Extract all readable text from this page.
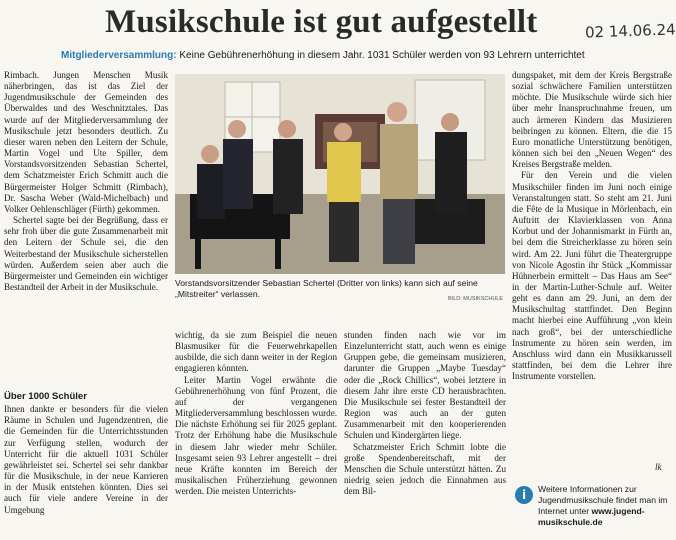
Musikschule ist gut aufgestellt	02 14.06.24
Mitgliederversammlung: Keine Gebührenerhöhung in diesem Jahr. 1031 Schüler werden von 93 Lehrern unterrichtet

Rimbach. Jungen Menschen Musik näherbringen, das ist das Ziel der Jugendmusikschule der Gemeinden des Überwaldes und des Weschnitztales. Das wurde auf der Mitgliederversammlung der Musikschule jetzt besonders deutlich. Zu dieser waren neben den Leitern der Schule, Martin Vogel und Ute Spiller, dem Vorstandsvorsitzenden Sebastian Schertel, dem Schatzmeister Erich Schmitt auch die Bürgermeister Holger Schmitt (Rimbach), Dr. Sascha Weber (Wald-Michelbach) und Volker Oehlenschläger (Fürth) gekommen.

Schertel sagte bei der Begrüßung, dass er sehr froh über die gute Zusammenarbeit mit den Leitern der Schule sei, die den Weiterbestand der Musikschule sicherstellen würden. Außerdem seien aber auch die Bürgermeister und Gemeinden ein wichtiger Bestandteil der Arbeit in der Musikschule.

Über 1000 Schüler

Ihnen dankte er besonders für die vielen Räume in Schulen und Jugendzentren, die die Gemeinden für die Unterrichtsstunden zur Verfügung stellen, wodurch der Unterricht für die aktuell 1031 Schüler gewährleistet sei. Schertel sei sehr dankbar für die Musikschule, in der neue Karrieren in der Musik entstehen könnten. Dies sei auch für viele andere Vereine in der Umgebung

Vorstandsvorsitzender Sebastian Schertel (Dritter von links) kann sich auf seine „Mitstreiter“ verlassen.	BILD: MUSIKSCHULE

wichtig, da sie zum Beispiel die neuen Blasmusiker für die Feuerwehrkapellen ausbilde, die sich dann weiter in der Region engagieren könnten.

Leiter Martin Vogel erwähnte die Gebührenerhöhung von fünf Prozent, die auf der vergangenen Mitgliederversammlung beschlossen wurde. Die nächste Erhöhung sei für 2025 geplant. Trotz der Erhöhung habe die Musikschule in diesem Jahr wieder mehr Schüler. Insgesamt seien 93 Lehrer angestellt – drei neue Kräfte konnten im Bereich der musikalischen Früherziehung gewonnen werden. Die meisten Unterrichts-

stunden finden nach wie vor im Einzelunterricht statt, auch wenn es einige Gruppen gebe, die gemeinsam musizieren, darunter die Gruppen „Maybe Tuesday“ oder die „Rock Chillics“, wobei letztere in diesem Jahr ihre erste CD herausbrachten. Die Musikschule sei fester Bestandteil der Region was auch an der guten Zusammenarbeit mit den kooperierenden Schulen und Kindergärten liege.

Schatzmeister Erich Schmitt lobte die große Spendenbereitschaft, mit der Menschen die Schule unterstützt hätten. Zu niedrig seien jedoch die Einnahmen aus dem Bil-

dungspaket, mit dem der Kreis Bergstraße sozial schwächere Familien unterstützen möchte. Die Musikschule würde sich hier über mehr Inanspruchnahme freuen, um auch ärmeren Kindern das Musizieren beibringen zu können. Eltern, die die 15 Euro monatliche Unterstützung benötigen, können sich bei den „Neuen Wegen“ des Kreises Bergstraße melden.

Für den Verein und die vielen Musikschüler finden im Juni noch einige Veranstaltungen statt. So steht am 21. Juni die Fête de la Musique in Mörlenbach, ein Auftritt der Klavierklassen von Anna Korbut und der Johannismarkt in Fürth an, bei dem die Streicherklasse zu hören sein wird. Am 22. Juni führt die Theatergruppe von Nicole Agostin ihr Stück „Kommissar Hühnerbein ermittelt – Das Haus am See“ in der Martin-Luther-Schule auf. Weiter geht es dann am 29. Juni, an dem der Musikschultag stattfindet. Den Beginn macht hierbei eine Aufführung „von klein nach groß“, bei der unterschiedliche Instrumente zu hören sein werden, im Anschluss wird dann ein Musikkarussell stattfinden, bei dem die Lehrer ihre Instrumente vorstellen.

lk
i	Weitere Informationen zur Jugendmusikschule findet man im Internet unter www.jugend-musikschule.de
